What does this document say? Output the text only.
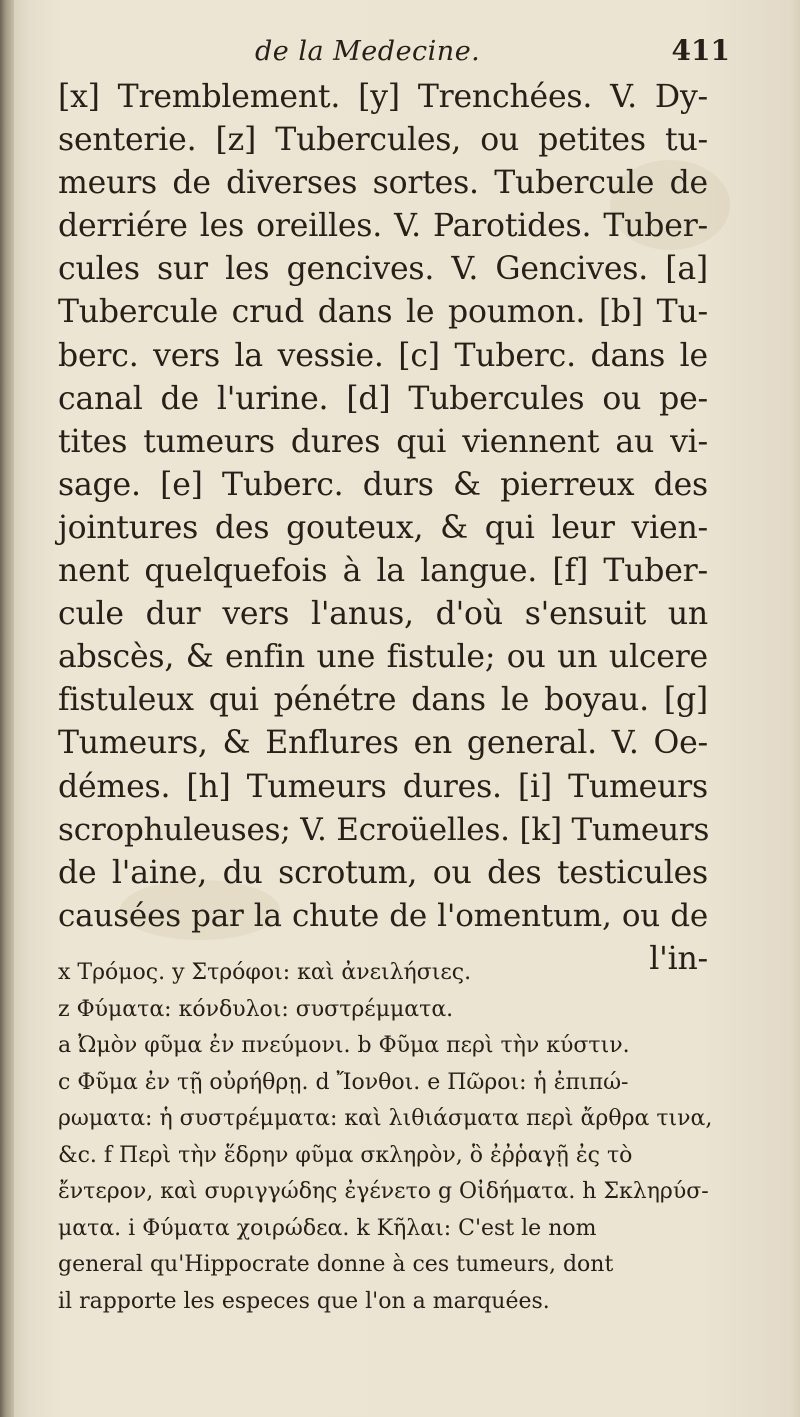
de la Medecine.	411
[x] Tremblement. [y] Trenchées. V. Dy-
senterie. [z] Tubercules, ou petites tu-
meurs de diverses sortes. Tubercule de
derriére les oreilles. V. Parotides. Tuber-
cules sur les gencives. V. Gencives. [a]
Tubercule crud dans le poumon. [b] Tu-
berc. vers la vessie. [c] Tuberc. dans le
canal de l'urine. [d] Tubercules ou pe-
tites tumeurs dures qui viennent au vi-
sage. [e] Tuberc. durs & pierreux des
jointures des gouteux, & qui leur vien-
nent quelquefois à la langue. [f] Tuber-
cule dur vers l'anus, d'où s'ensuit un
abscès, & enfin une fistule; ou un ulcere
fistuleux qui pénétre dans le boyau. [g]
Tumeurs, & Enflures en general. V. Oe-
démes. [h] Tumeurs dures. [i] Tumeurs
scrophuleuses; V. Ecroüelles. [k] Tumeurs
de l'aine, du scrotum, ou des testicules
causées par la chute de l'omentum, ou de
l'in-
x Τρόμος. y Στρόφοι: καὶ ἀνειλήσιες.
z Φύματα: κόνδυλοι: συστρέμματα.
a Ὠμὸν φῦμα ἐν πνεύμονι. b Φῦμα περὶ τὴν κύστιν.
c Φῦμα ἐν τῇ οὐρήθρῃ. d Ἴονθοι. e Πῶροι: ἡ ἐπιπώ-
ρωματα: ἡ συστρέμματα: καὶ λιθιάσματα περὶ ἄρθρα τινα,
&c. f Περὶ τὴν ἕδρην φῦμα σκληρὸν, ὃ ἐῤῥαγῇ ἐς τὸ
ἔντερον, καὶ συριγγώδης ἐγένετο g Οἰδήματα. h Σκληρύσ-
ματα. i Φύματα χοιρώδεα. k Κῆλαι: C'est le nom
general qu'Hippocrate donne à ces tumeurs, dont
il rapporte les especes que l'on a marquées.
